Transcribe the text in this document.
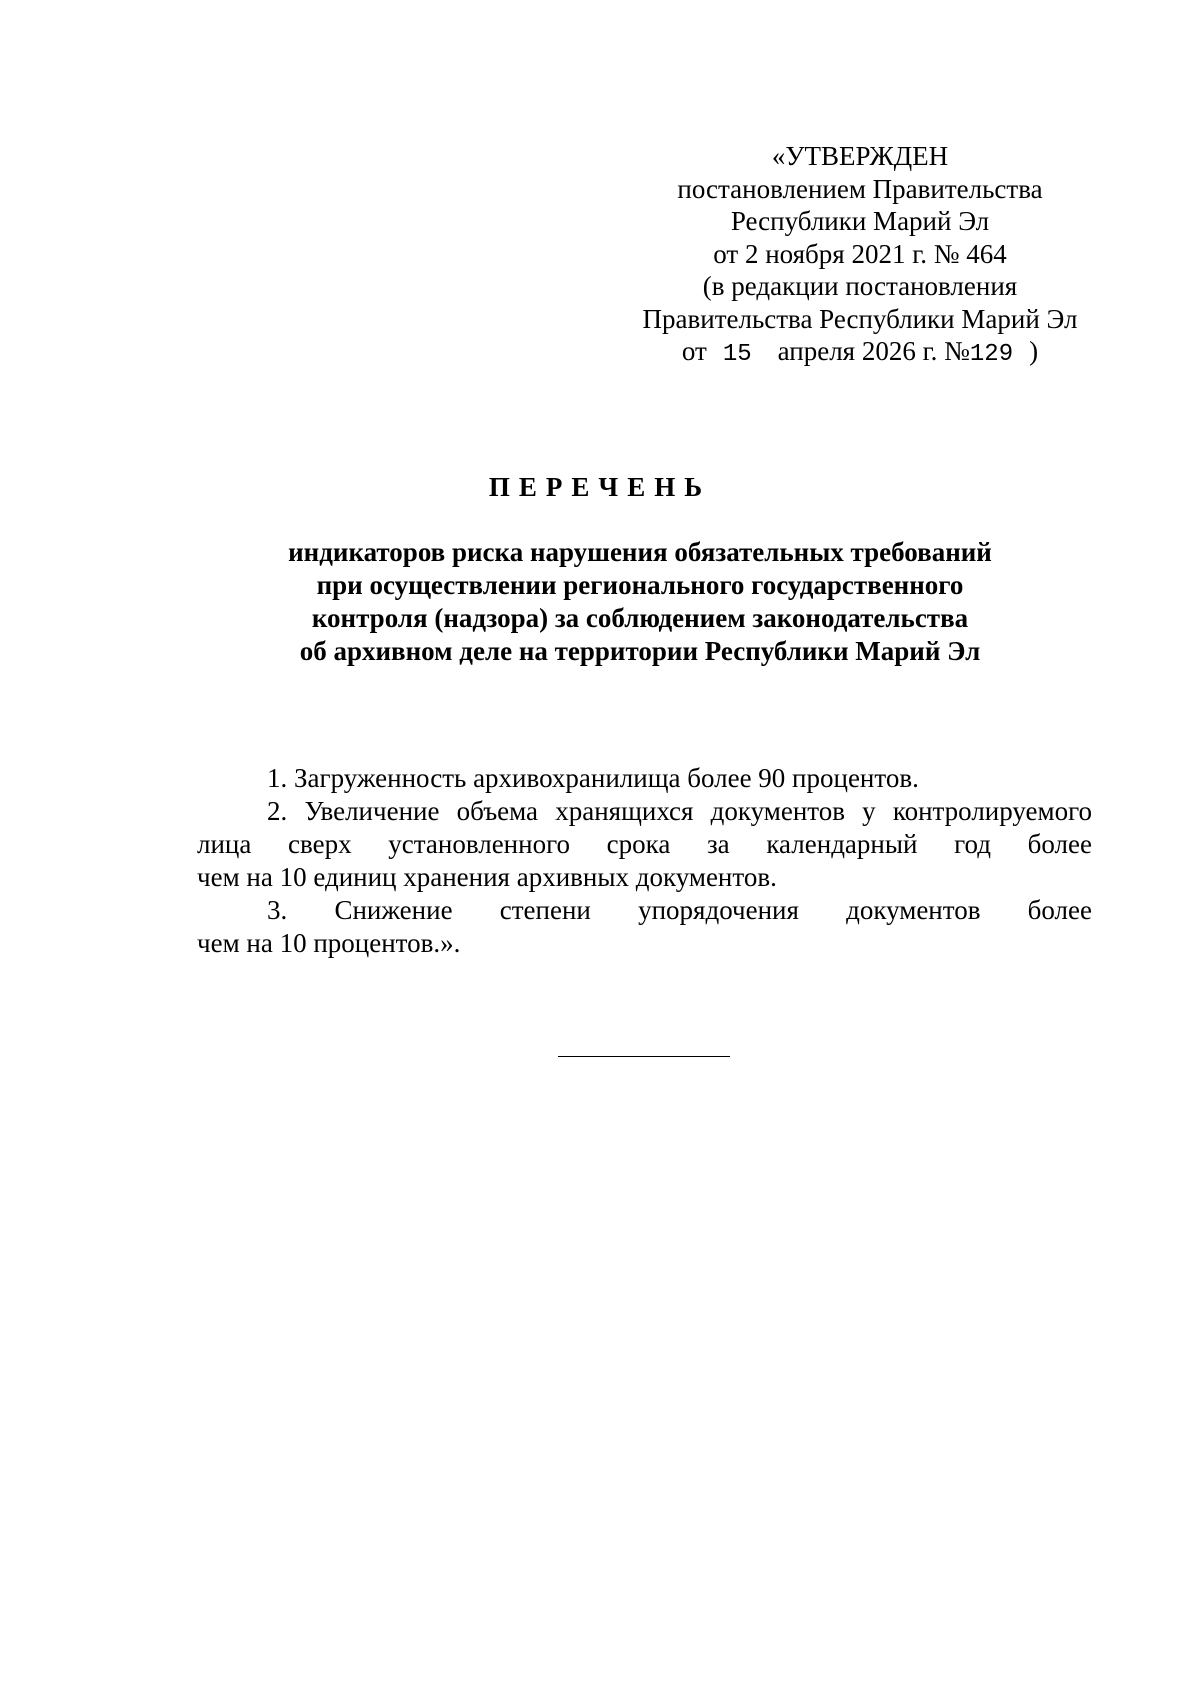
«УТВЕРЖДЕН
постановлением Правительства
Республики Марий Эл
от 2 ноября 2021 г. № 464
(в редакции постановления
Правительства Республики Марий Эл
от 15 апреля 2026 г. №129 )
ПЕРЕЧЕНЬ
индикаторов риска нарушения обязательных требований
при осуществлении регионального государственного
контроля (надзора) за соблюдением законодательства
об архивном деле на территории Республики Марий Эл

1. Загруженность архивохранилища более 90 процентов.

2. Увеличение объема хранящихся документов у контролируемого
лица сверх установленного срока за календарный год более
чем на 10 единиц хранения архивных документов.

3. Снижение степени упорядочения документов более
чем на 10 процентов.».
